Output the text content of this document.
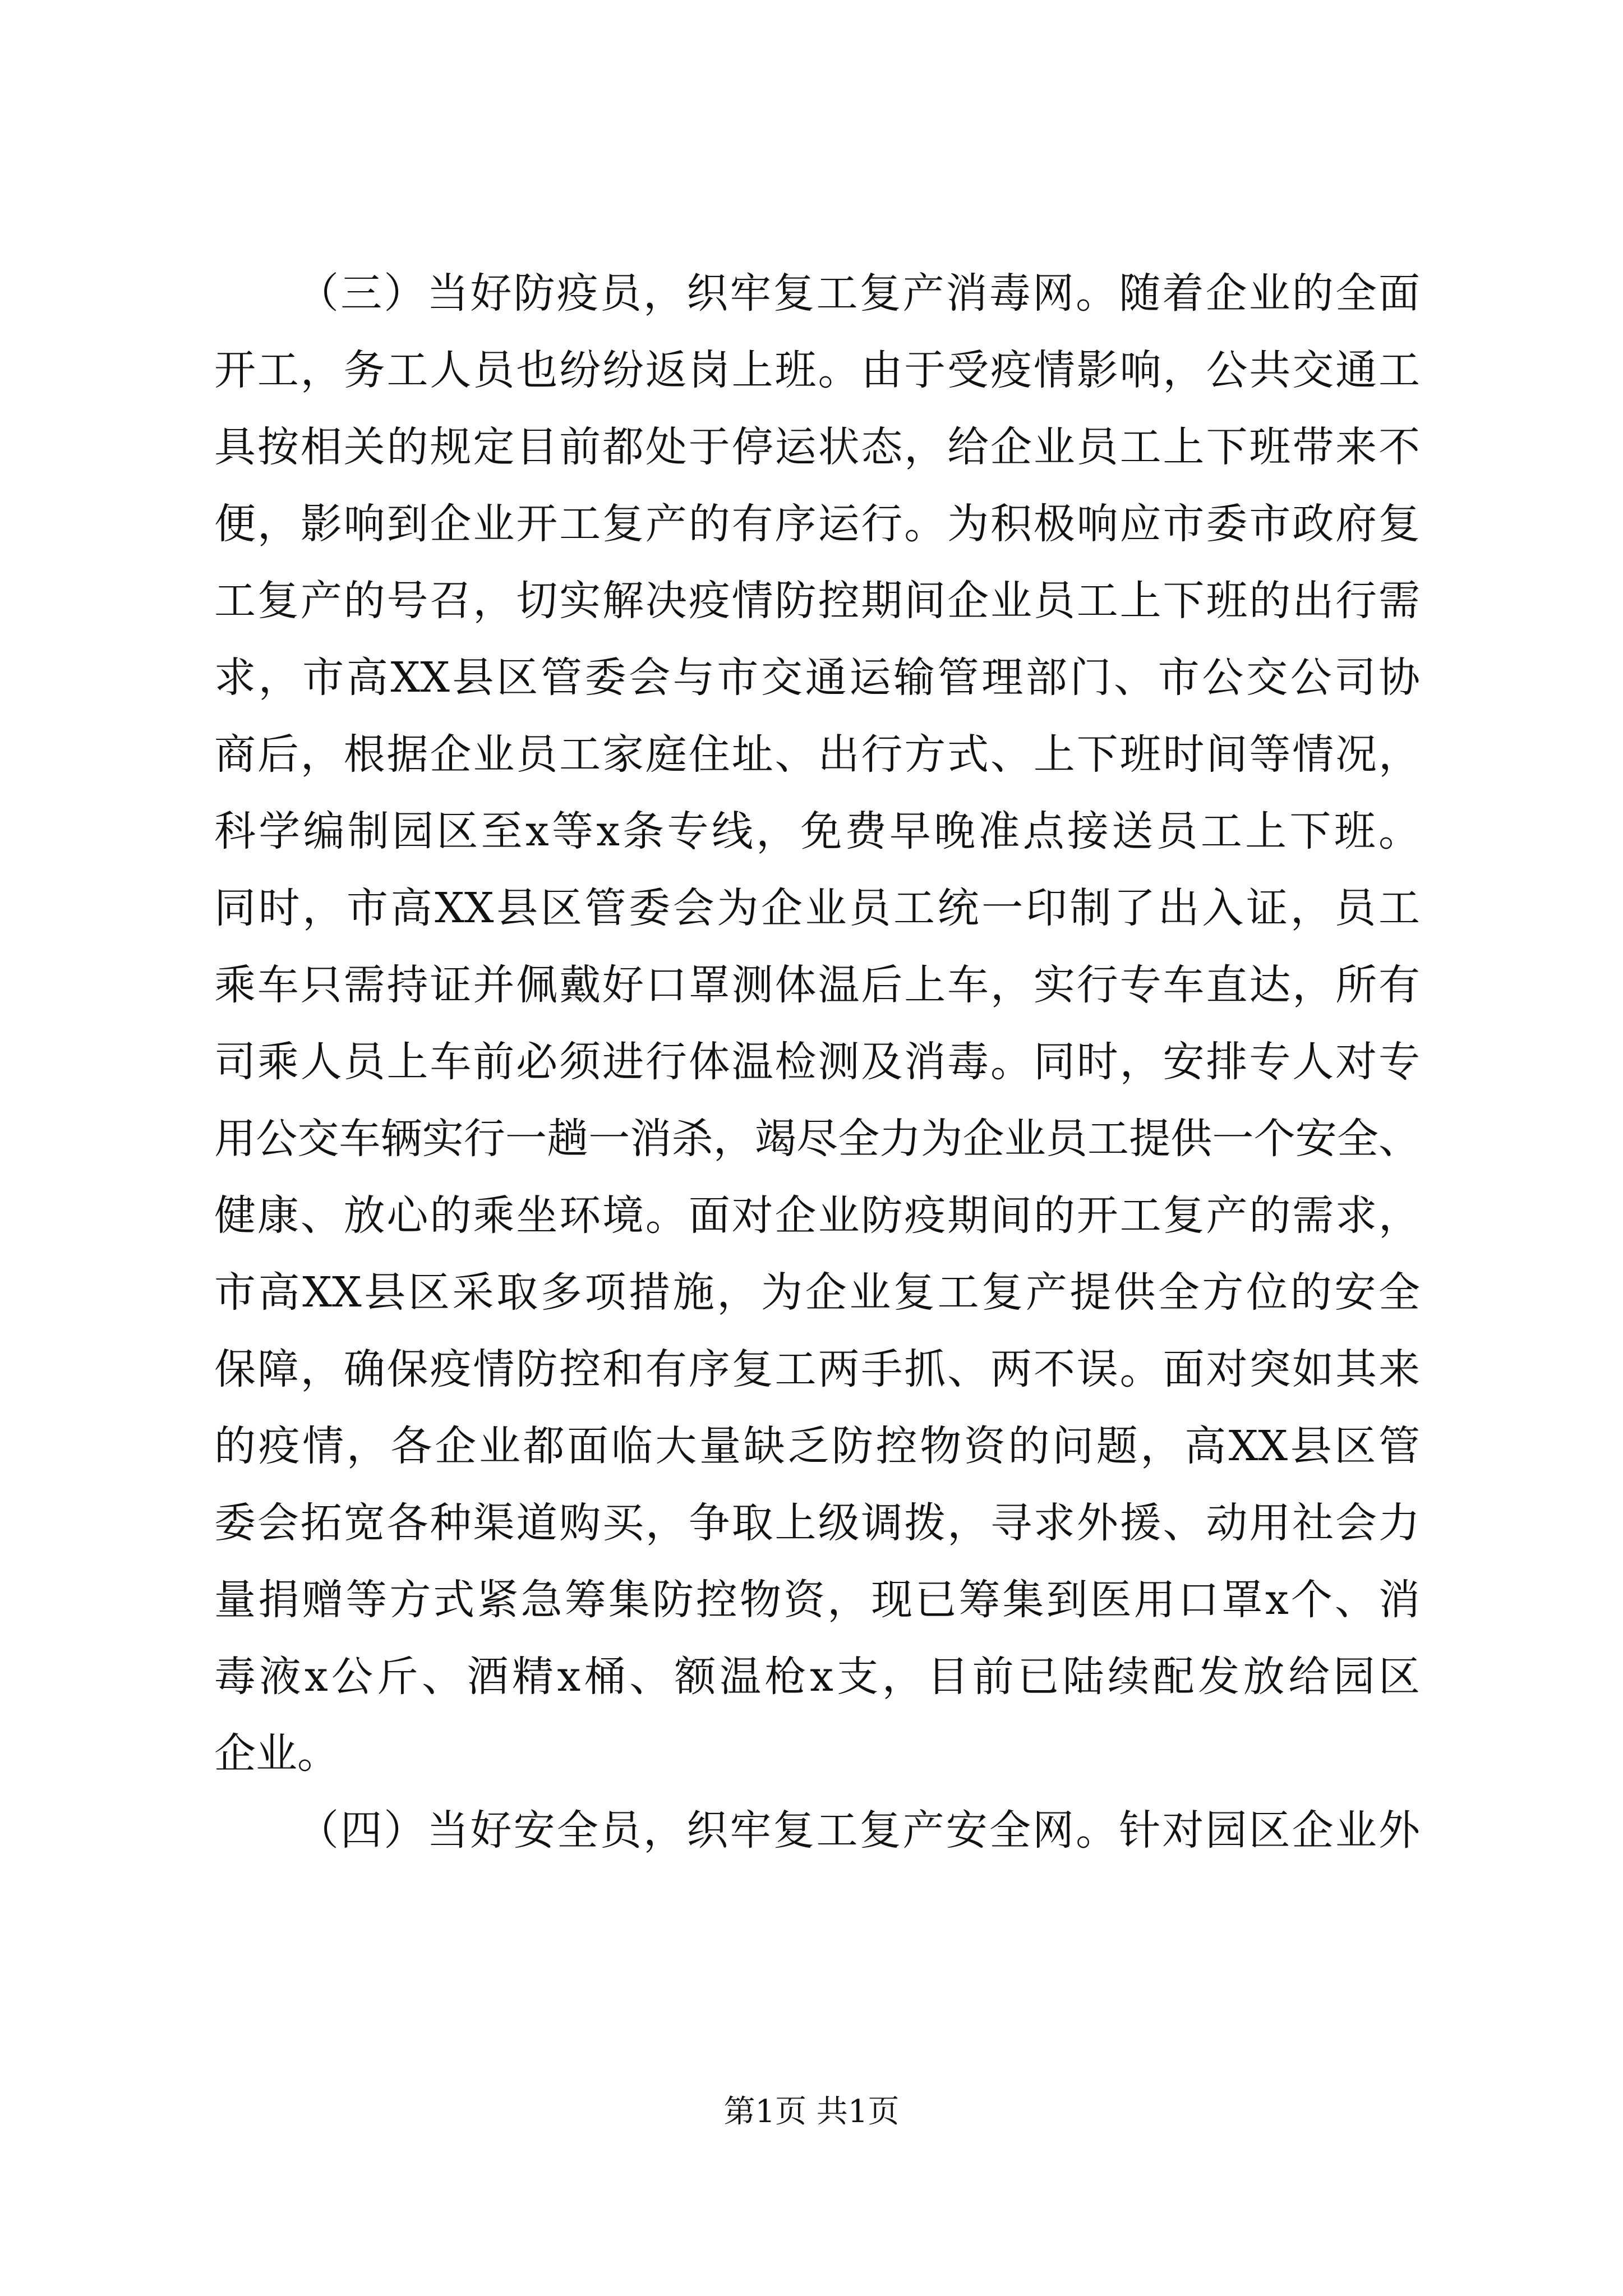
（三）当好防疫员，织牢复工复产消毒网。随着企业的全面
开工，务工人员也纷纷返岗上班。由于受疫情影响，公共交通工
具按相关的规定目前都处于停运状态，给企业员工上下班带来不
便，影响到企业开工复产的有序运行。为积极响应市委市政府复
工复产的号召，切实解决疫情防控期间企业员工上下班的出行需
求，市高XX县区管委会与市交通运输管理部门、市公交公司协
商后，根据企业员工家庭住址、出行方式、上下班时间等情况，
科学编制园区至x等x条专线，免费早晚准点接送员工上下班。
同时，市高XX县区管委会为企业员工统一印制了出入证，员工
乘车只需持证并佩戴好口罩测体温后上车，实行专车直达，所有
司乘人员上车前必须进行体温检测及消毒。同时，安排专人对专
用公交车辆实行一趟一消杀，竭尽全力为企业员工提供一个安全、
健康、放心的乘坐环境。面对企业防疫期间的开工复产的需求，
市高XX县区采取多项措施，为企业复工复产提供全方位的安全
保障，确保疫情防控和有序复工两手抓、两不误。面对突如其来
的疫情，各企业都面临大量缺乏防控物资的问题，高XX县区管
委会拓宽各种渠道购买，争取上级调拨，寻求外援、动用社会力
量捐赠等方式紧急筹集防控物资，现已筹集到医用口罩x个、消
毒液x公斤、酒精x桶、额温枪x支，目前已陆续配发放给园区
企业。
（四）当好安全员，织牢复工复产安全网。针对园区企业外
第1页 共1页
